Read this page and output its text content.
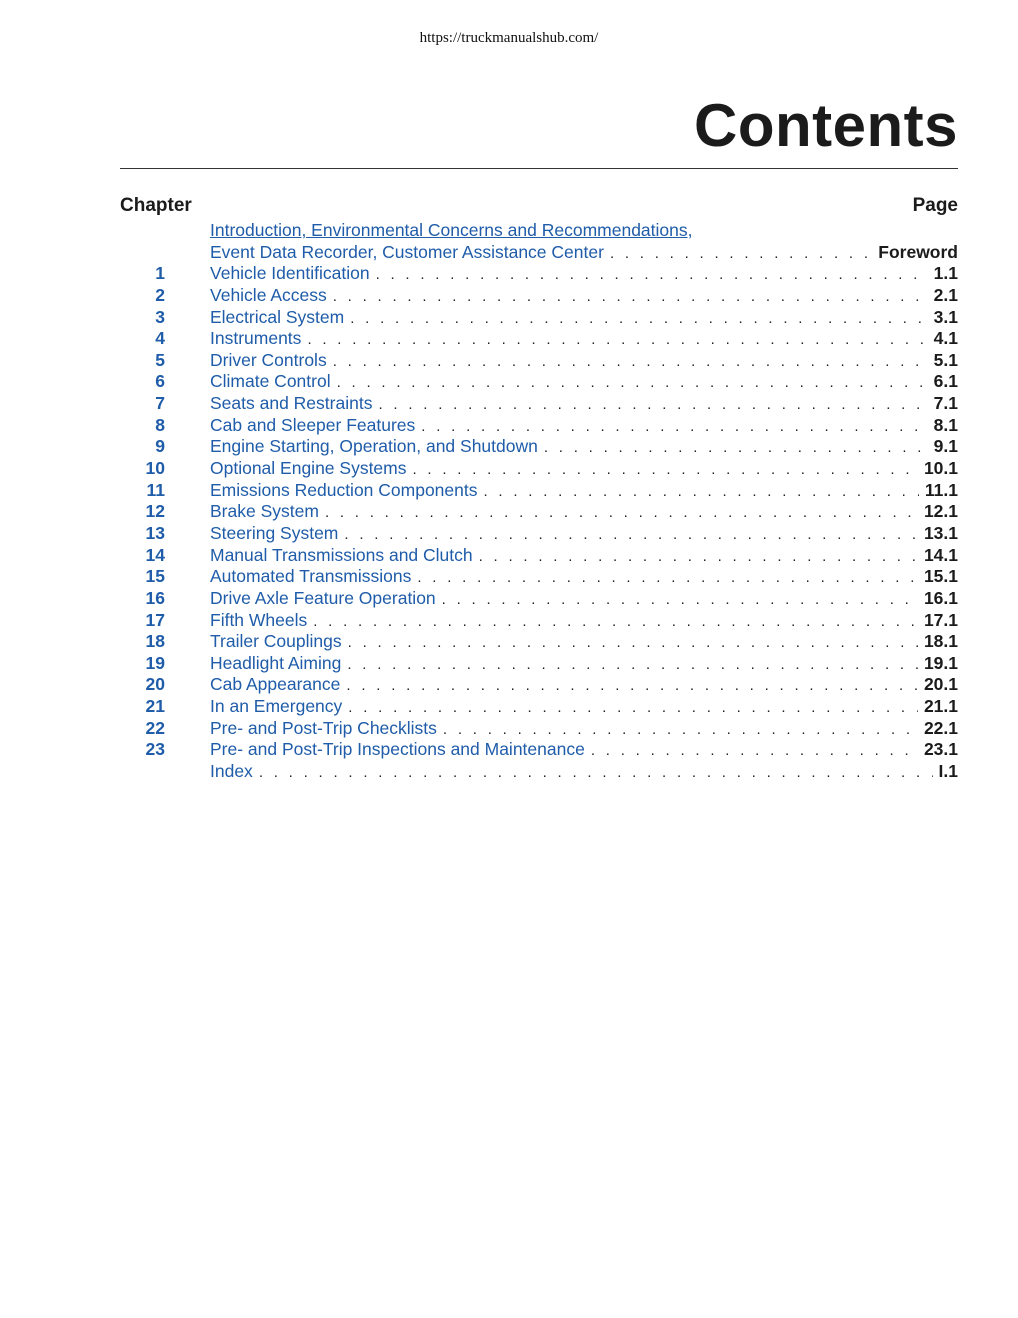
https://truckmanualshub.com/
Contents
Chapter	Page
Introduction, Environmental Concerns and Recommendations,
Event Data Recorder, Customer Assistance Center . . .	Foreword
1	Vehicle Identification . . .	1.1
2	Vehicle Access . . .	2.1
3	Electrical System . . .	3.1
4	Instruments . . .	4.1
5	Driver Controls . . .	5.1
6	Climate Control . . .	6.1
7	Seats and Restraints . . .	7.1
8	Cab and Sleeper Features . . .	8.1
9	Engine Starting, Operation, and Shutdown . . .	9.1
10	Optional Engine Systems . . .	10.1
11	Emissions Reduction Components . . .	11.1
12	Brake System . . .	12.1
13	Steering System . . .	13.1
14	Manual Transmissions and Clutch . . .	14.1
15	Automated Transmissions . . .	15.1
16	Drive Axle Feature Operation . . .	16.1
17	Fifth Wheels . . .	17.1
18	Trailer Couplings . . .	18.1
19	Headlight Aiming . . .	19.1
20	Cab Appearance . . .	20.1
21	In an Emergency . . .	21.1
22	Pre- and Post-Trip Checklists . . .	22.1
23	Pre- and Post-Trip Inspections and Maintenance . . .	23.1
Index . . .	I.1
